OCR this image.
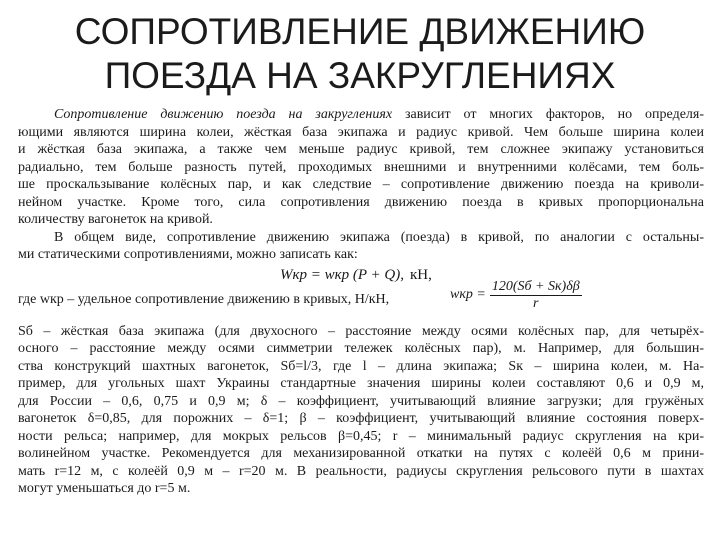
СОПРОТИВЛЕНИЕ ДВИЖЕНИЮ
ПОЕЗДА НА ЗАКРУГЛЕНИЯХ
Сопротивление движению поезда на закруглениях зависит от многих факторов, но определя-
ющими являются ширина колеи, жёсткая база экипажа и радиус кривой. Чем больше ширина колеи
и жёсткая база экипажа, а также чем меньше радиус кривой, тем сложнее экипажу установиться
радиально, тем больше разность путей, проходимых внешними и внутренними колёсами, тем боль-
ше проскальзывание колёсных пар, и как следствие – сопротивление движению поезда на криволи-
нейном участке. Кроме того, сила сопротивления движению поезда в кривых пропорциональна
количеству вагонеток на кривой.
В общем виде, сопротивление движению экипажа (поезда) в кривой, по аналогии с остальны-
ми статическими сопротивлениями, можно записать как:
Wкр = wкр (P + Q), кН,
где wкр – удельное сопротивление движению в кривых, Н/кН,	wкр = $\frac{120(Sб + Sк)\delta\beta}{r}$
Sб – жёсткая база экипажа (для двухосного – расстояние между осями колёсных пар, для четырёх-
осного – расстояние между осями симметрии тележек колёсных пар), м. Например, для большин-
ства конструкций шахтных вагонеток, Sб=l/3, где l – длина экипажа; Sк – ширина колеи, м. На-
пример, для угольных шахт Украины стандартные значения ширины колеи составляют 0,6 и 0,9 м,
для России – 0,6, 0,75 и 0,9 м; δ – коэффициент, учитывающий влияние загрузки; для гружёных
вагонеток δ=0,85, для порожних – δ=1; β – коэффициент, учитывающий влияние состояния поверх-
ности рельса; например, для мокрых рельсов β=0,45; r – минимальный радиус скругления на кри-
волинейном участке. Рекомендуется для механизированной откатки на путях с колеёй 0,6 м прини-
мать r=12 м, с колеёй 0,9 м – r=20 м. В реальности, радиусы скругления рельсового пути в шахтах
могут уменьшаться до r=5 м.
